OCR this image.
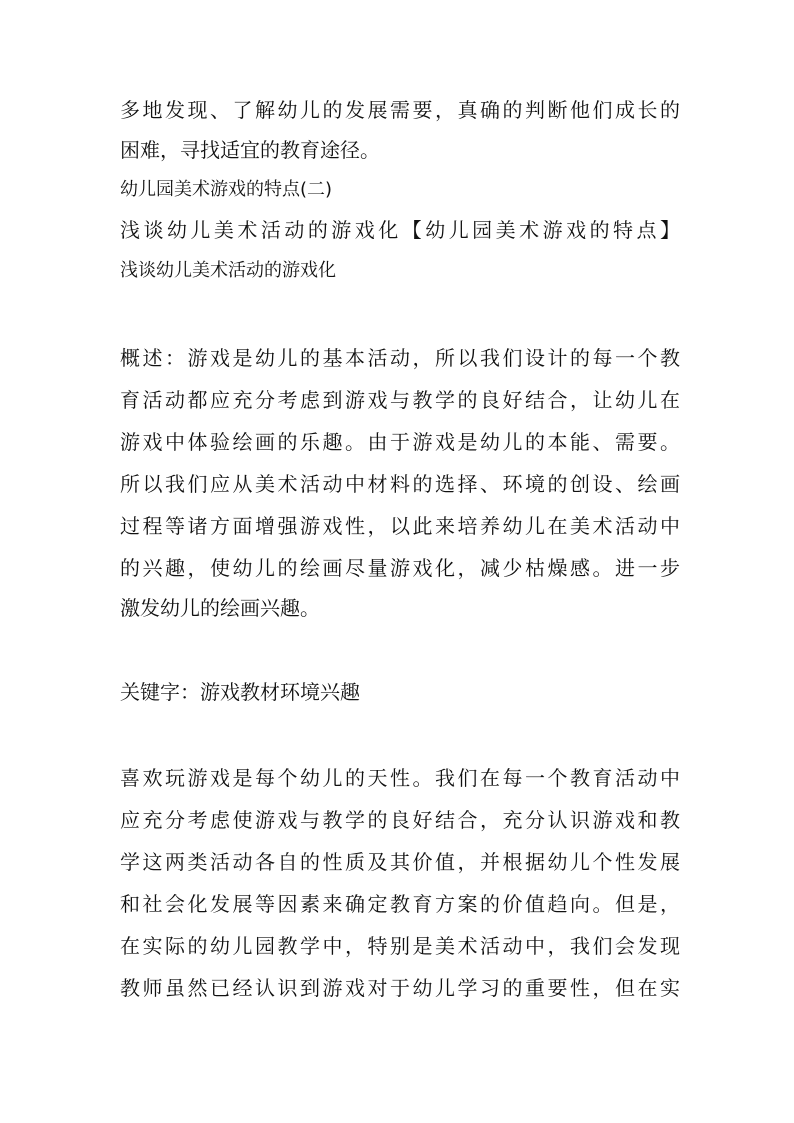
多地发现、了解幼儿的发展需要，真确的判断他们成长的
困难，寻找适宜的教育途径。
幼儿园美术游戏的特点(二)
浅谈幼儿美术活动的游戏化【幼儿园美术游戏的特点】
浅谈幼儿美术活动的游戏化
概述：游戏是幼儿的基本活动，所以我们设计的每一个教
育活动都应充分考虑到游戏与教学的良好结合，让幼儿在
游戏中体验绘画的乐趣。由于游戏是幼儿的本能、需要。
所以我们应从美术活动中材料的选择、环境的创设、绘画
过程等诸方面增强游戏性，以此来培养幼儿在美术活动中
的兴趣，使幼儿的绘画尽量游戏化，减少枯燥感。进一步
激发幼儿的绘画兴趣。
关键字：游戏教材环境兴趣
喜欢玩游戏是每个幼儿的天性。我们在每一个教育活动中
应充分考虑使游戏与教学的良好结合，充分认识游戏和教
学这两类活动各自的性质及其价值，并根据幼儿个性发展
和社会化发展等因素来确定教育方案的价值趋向。但是，
在实际的幼儿园教学中，特别是美术活动中，我们会发现
教师虽然已经认识到游戏对于幼儿学习的重要性，但在实
